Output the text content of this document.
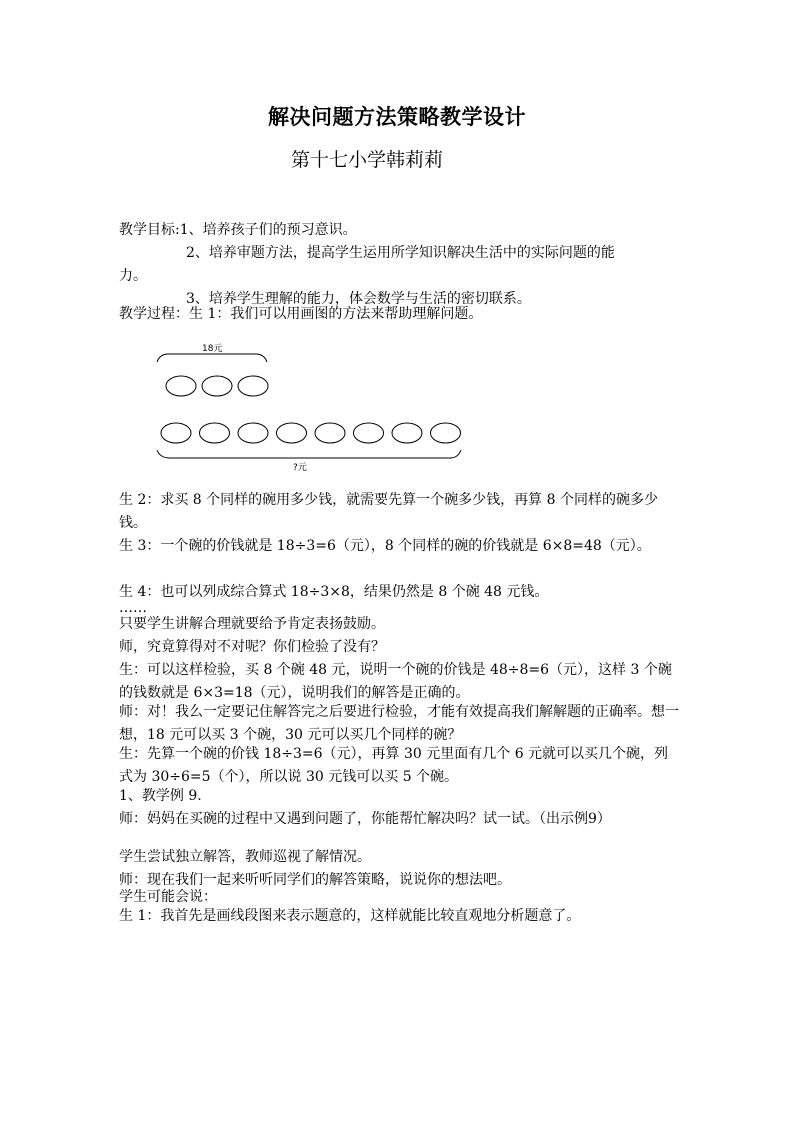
解决问题方法策略教学设计
第十七小学韩莉莉
教学目标:1、培养孩子们的预习意识。
2、培养审题方法，提高学生运用所学知识解决生活中的实际问题的能
力。
3、培养学生理解的能力，体会数学与生活的密切联系。
教学过程：生 1：我们可以用画图的方法来帮助理解问题。
18元
?元
生 2：求买 8 个同样的碗用多少钱，就需要先算一个碗多少钱，再算 8 个同样的碗多少钱。
生 3：一个碗的价钱就是 18÷3=6（元），8 个同样的碗的价钱就是 6×8=48（元）。
生 4：也可以列成综合算式 18÷3×8，结果仍然是 8 个碗 48 元钱。
……
只要学生讲解合理就要给予肯定表扬鼓励。
师，究竟算得对不对呢？你们检验了没有？
生：可以这样检验，买 8 个碗 48 元，说明一个碗的价钱是 48÷8=6（元），这样 3 个碗的钱数就是 6×3=18（元），说明我们的解答是正确的。
师：对！我么一定要记住解答完之后要进行检验，才能有效提高我们解解题的正确率。想一想，18 元可以买 3 个碗，30 元可以买几个同样的碗？
生：先算一个碗的价钱 18÷3=6（元），再算 30 元里面有几个 6 元就可以买几个碗，列式为 30÷6=5（个），所以说 30 元钱可以买 5 个碗。
1、教学例 9.
师：妈妈在买碗的过程中又遇到问题了，你能帮忙解决吗？试一试。（出示例9）
学生尝试独立解答，教师巡视了解情况。
师：现在我们一起来听听同学们的解答策略，说说你的想法吧。
学生可能会说：
生 1：我首先是画线段图来表示题意的，这样就能比较直观地分析题意了。
